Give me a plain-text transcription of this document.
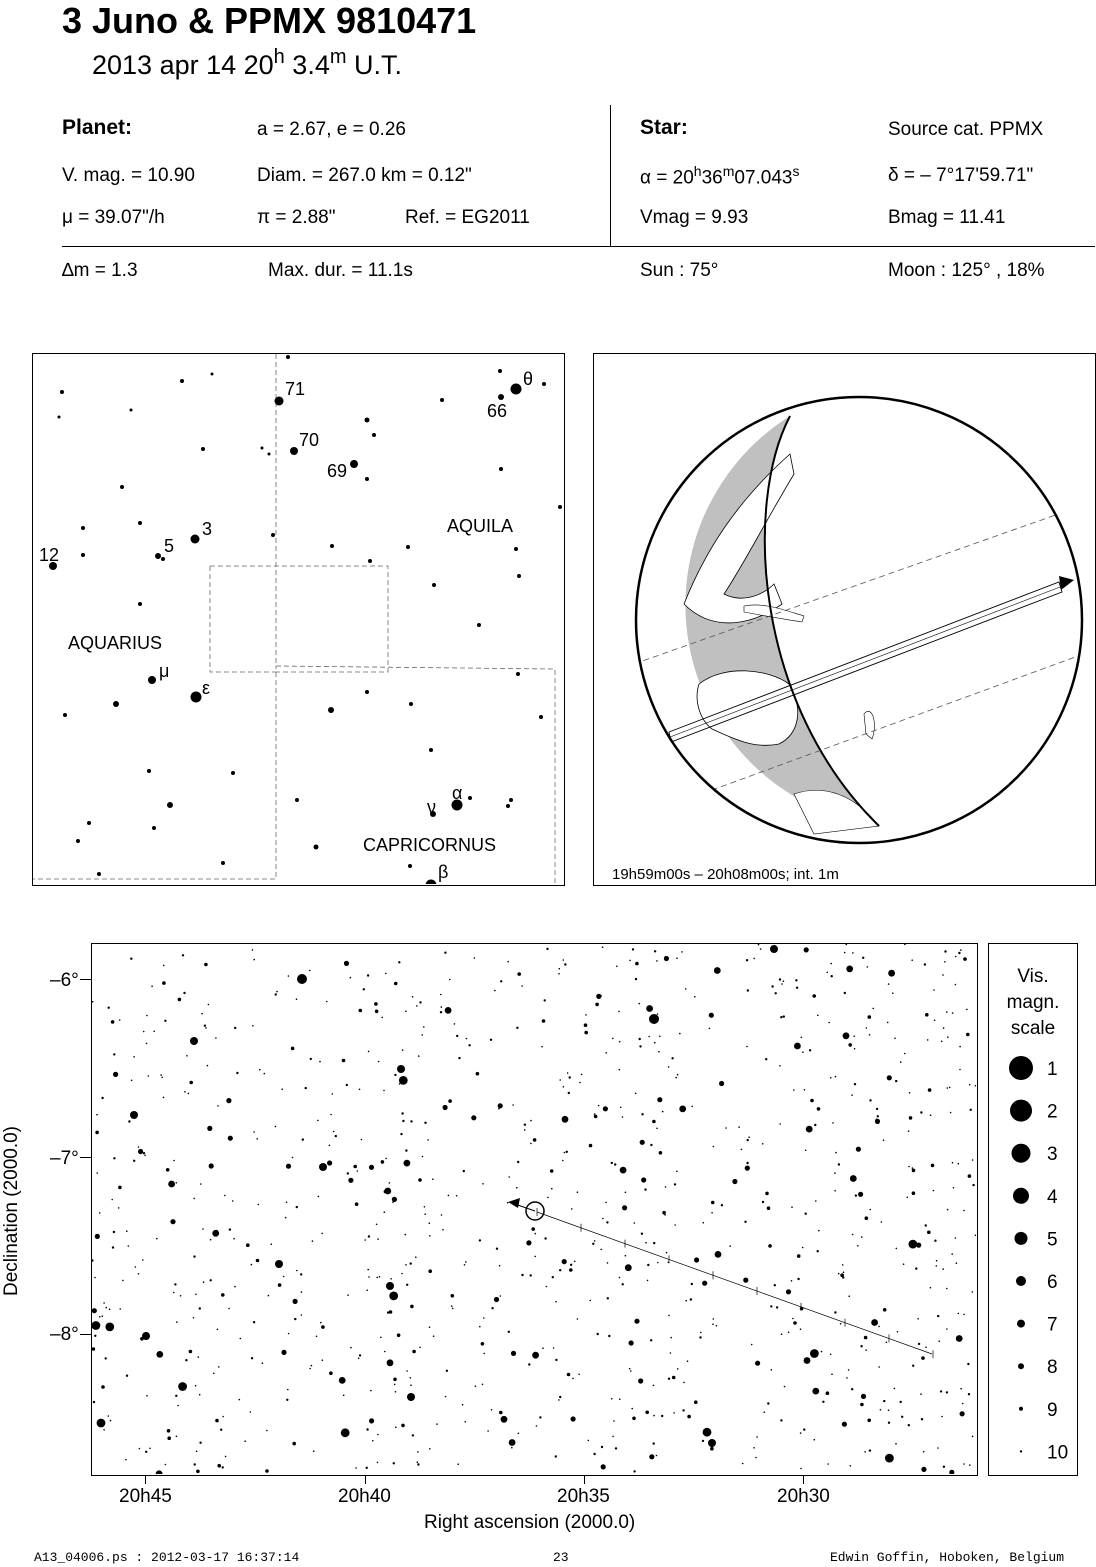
3 Juno & PPMX 9810471
2013 apr 14 20$^h$ 3.4$^m$ U.T.
Planet:	a = 2.67, e = 0.26
V. mag. = 10.90	Diam. = 267.0 km = 0.12"
μ = 39.07"/h	π = 2.88"	Ref. = EG2011
Star:	Source cat. PPMX
$\alpha = 20^h36^m07.043^s$	δ = – 7°17'59.71"
Vmag = 9.93	Bmag = 11.41
∆m = 1.3	Max. dur. = 11.1s	Sun : 75°	Moon : 125° , 18%
71
70
69
66
θ
12	5
3
μ
ε
ν
α
β
AQUILA
AQUARIUS
CAPRICORNUS
19h59m00s – 20h08m00s; int. 1m
–6°
–7°
–8°
20h45	20h40	20h35	20h30
Right ascension (2000.0)
Declination (2000.0)
Vis.
magn.
scale
1
2
3
4
5
6
7
8
9
10
A13_04006.ps : 2012-03-17 16:37:14	23	Edwin Goffin, Hoboken, Belgium
